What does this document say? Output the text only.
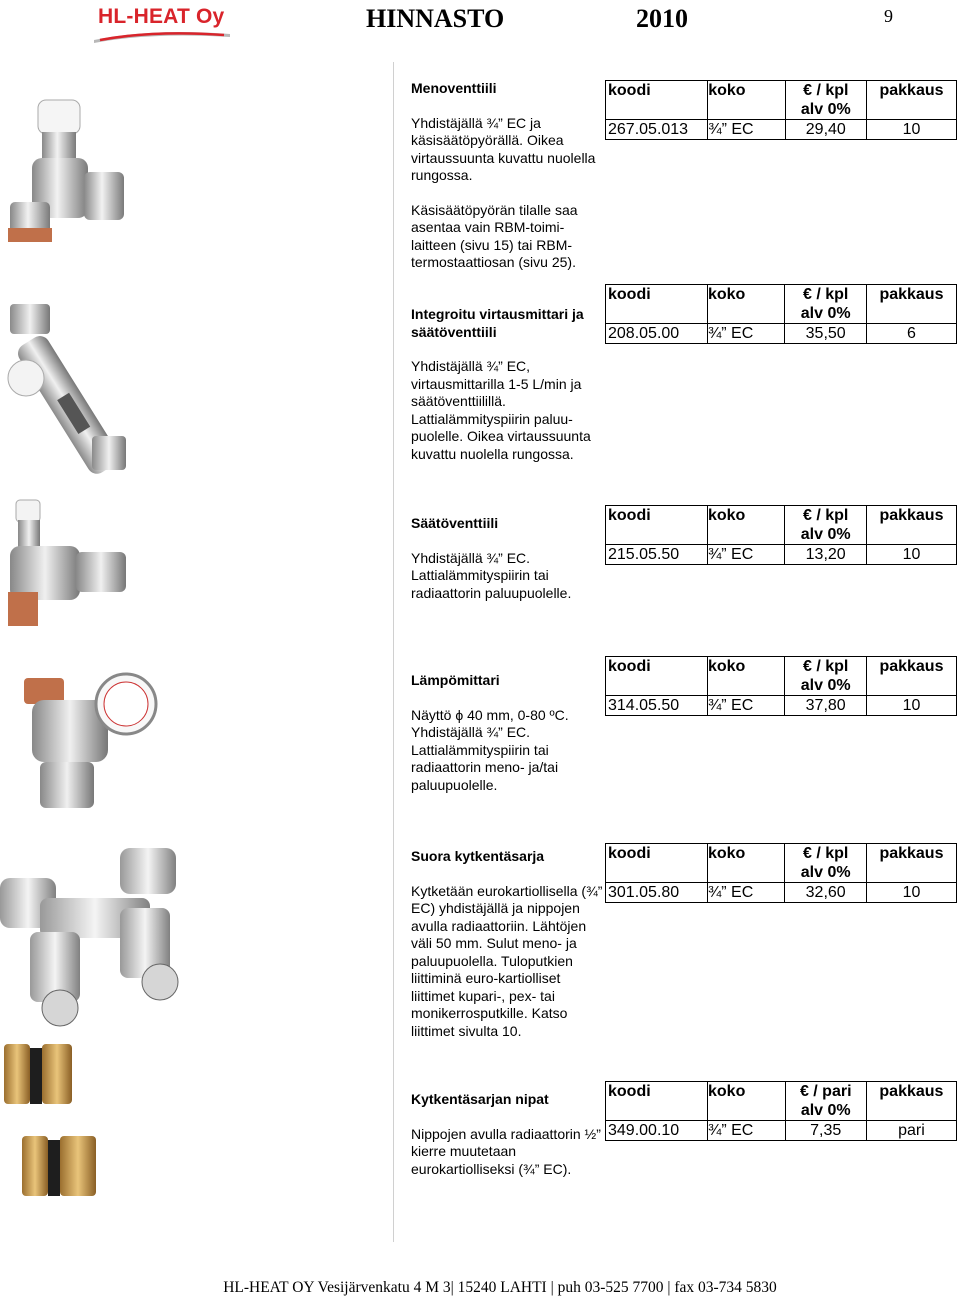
HL-HEAT Oy	HINNASTO	2010	9
Menoventtiili

Yhdistäjällä ¾” EC ja käsisäätöpyörällä. Oikea virtaussuunta kuvattu nuolella rungossa.

Käsisäätöpyörän tilalle saa asentaa vain RBM-toimi-laitteen (sivu 15) tai RBM-termostaattiosan (sivu 25).

koodi	koko	€ / kpl
alv 0%	pakkaus
267.05.013	¾” EC	29,40	10
Integroitu virtausmittari ja säätöventtiili

Yhdistäjällä ¾” EC, virtausmittarilla 1-5 L/min ja säätöventtiilillä. Lattialämmityspiirin paluu-puolelle. Oikea virtaussuunta kuvattu nuolella rungossa.

koodi	koko	€ / kpl
alv 0%	pakkaus
208.05.00	¾” EC	35,50	6
Säätöventtiili

Yhdistäjällä ¾” EC. Lattialämmityspiirin tai radiaattorin paluupuolelle.

koodi	koko	€ / kpl
alv 0%	pakkaus
215.05.50	¾” EC	13,20	10
Lämpömittari

Näyttö ϕ 40 mm, 0-80 ºC. Yhdistäjällä ¾” EC. Lattialämmityspiirin tai radiaattorin meno- ja/tai paluupuolelle.

koodi	koko	€ / kpl
alv 0%	pakkaus
314.05.50	¾” EC	37,80	10
Suora kytkentäsarja

Kytketään eurokartiollisella (¾” EC) yhdistäjällä ja nippojen avulla radiaattoriin. Lähtöjen väli 50 mm. Sulut meno- ja paluupuolella. Tuloputkien liittiminä euro-kartiolliset liittimet kupari-, pex- tai monikerrosputkille. Katso liittimet sivulta 10.

koodi	koko	€ / kpl
alv 0%	pakkaus
301.05.80	¾” EC	32,60	10
Kytkentäsarjan nipat

Nippojen avulla radiaattorin ½” kierre muutetaan eurokartiolliseksi (¾” EC).

koodi	koko	€ / pari
alv 0%	pakkaus
349.00.10	¾” EC	7,35	pari
HL-HEAT OY Vesijärvenkatu 4 M 3| 15240 LAHTI | puh 03-525 7700 | fax 03-734 5830
